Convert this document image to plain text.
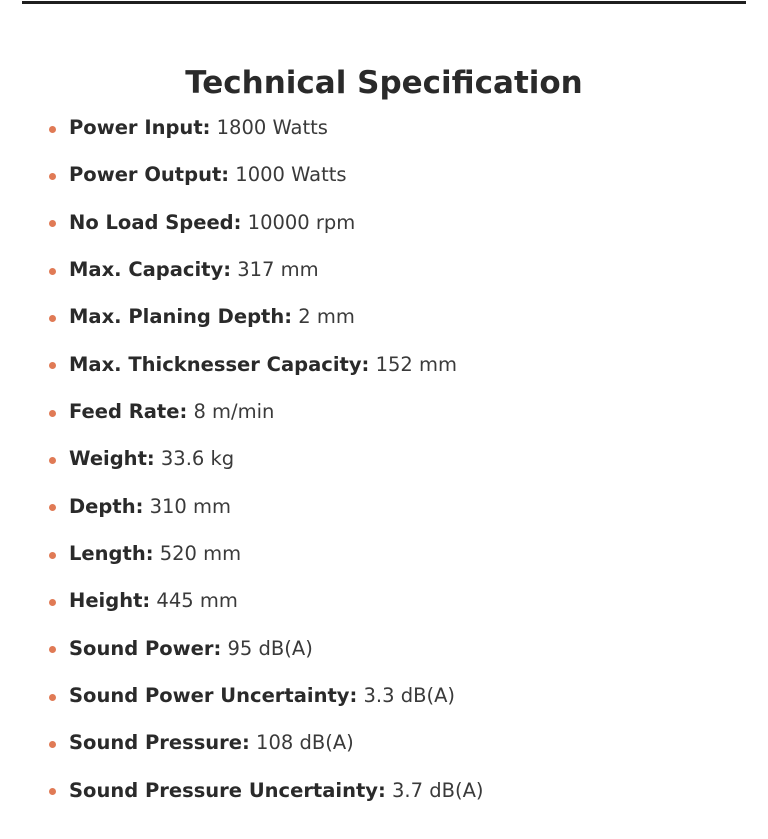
Technical Specification
Power Input: 1800 Watts
Power Output: 1000 Watts
No Load Speed: 10000 rpm
Max. Capacity: 317 mm
Max. Planing Depth: 2 mm
Max. Thicknesser Capacity: 152 mm
Feed Rate: 8 m/min
Weight: 33.6 kg
Depth: 310 mm
Length: 520 mm
Height: 445 mm
Sound Power: 95 dB(A)
Sound Power Uncertainty: 3.3 dB(A)
Sound Pressure: 108 dB(A)
Sound Pressure Uncertainty: 3.7 dB(A)
